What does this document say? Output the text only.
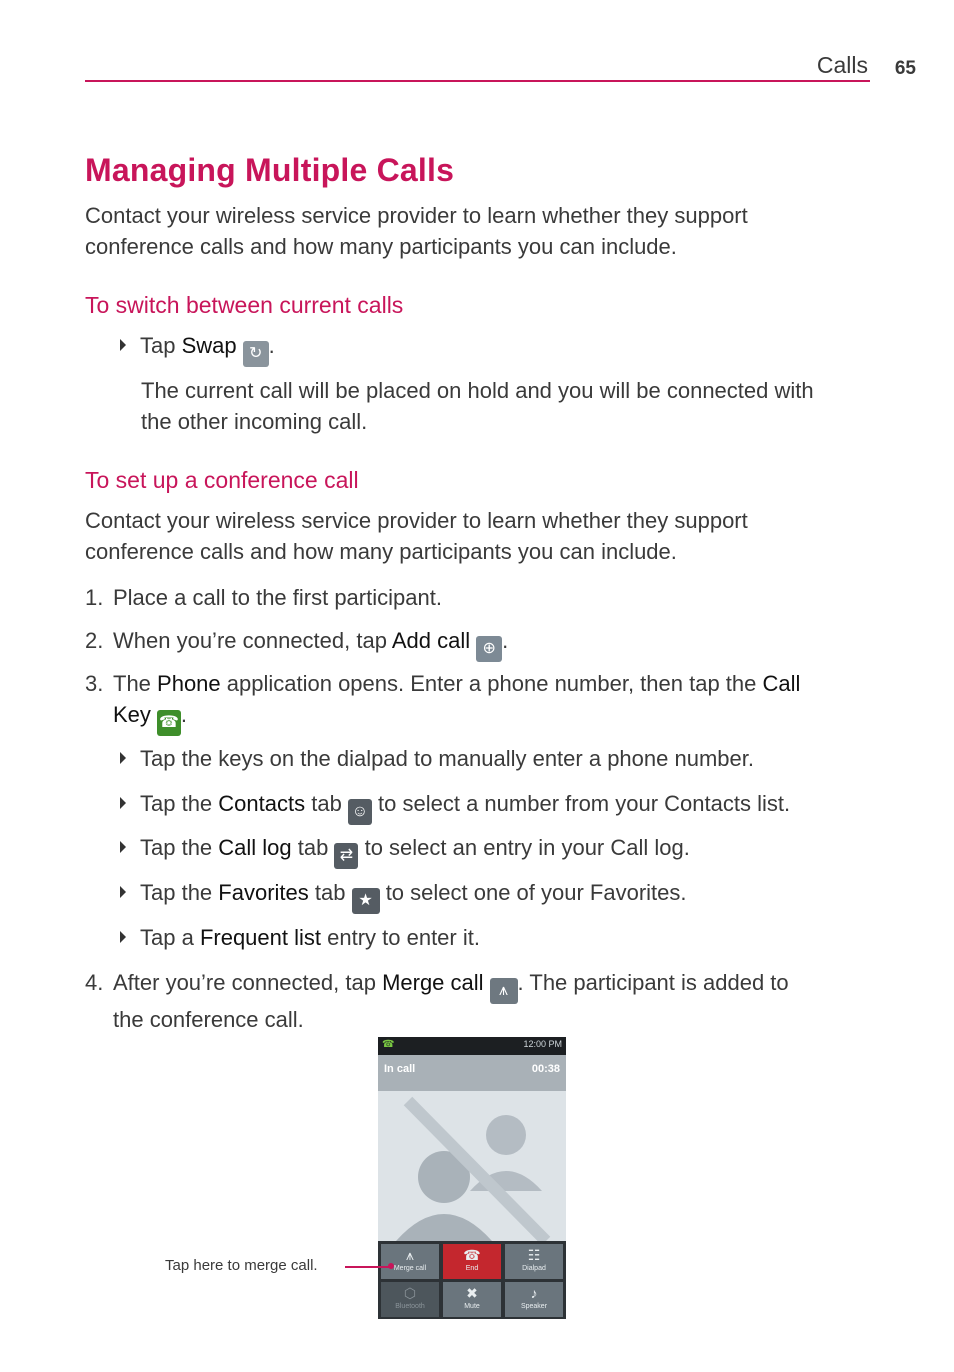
Calls 65
Managing Multiple Calls
Contact your wireless service provider to learn whether they support
conference calls and how many participants you can include.
To switch between current calls
Tap Swap ↻ .
The current call will be placed on hold and you will be connected with
the other incoming call.
To set up a conference call
Contact your wireless service provider to learn whether they support
conference calls and how many participants you can include.
1. Place a call to the first participant.
2. When you’re connected, tap Add call ⊕ .
3. The Phone application opens. Enter a phone number, then tap the Call
Key ☎.
Tap the keys on the dialpad to manually enter a phone number.
Tap the Contacts tab ☺ to select a number from your Contacts list.
Tap the Call log tab ⇄ to select an entry in your Call log.
Tap the Favorites tab ★ to select one of your Favorites.
Tap a Frequent list entry to enter it.
4. After you’re connected, tap Merge call ⩚ . The participant is added to
the conference call.
☎	12:00 PM
In call	00:38
⩚
Merge call
☎
End
☷
Dialpad
⬡
Bluetooth
✖
Mute
♪
Speaker
Tap here to merge call.
